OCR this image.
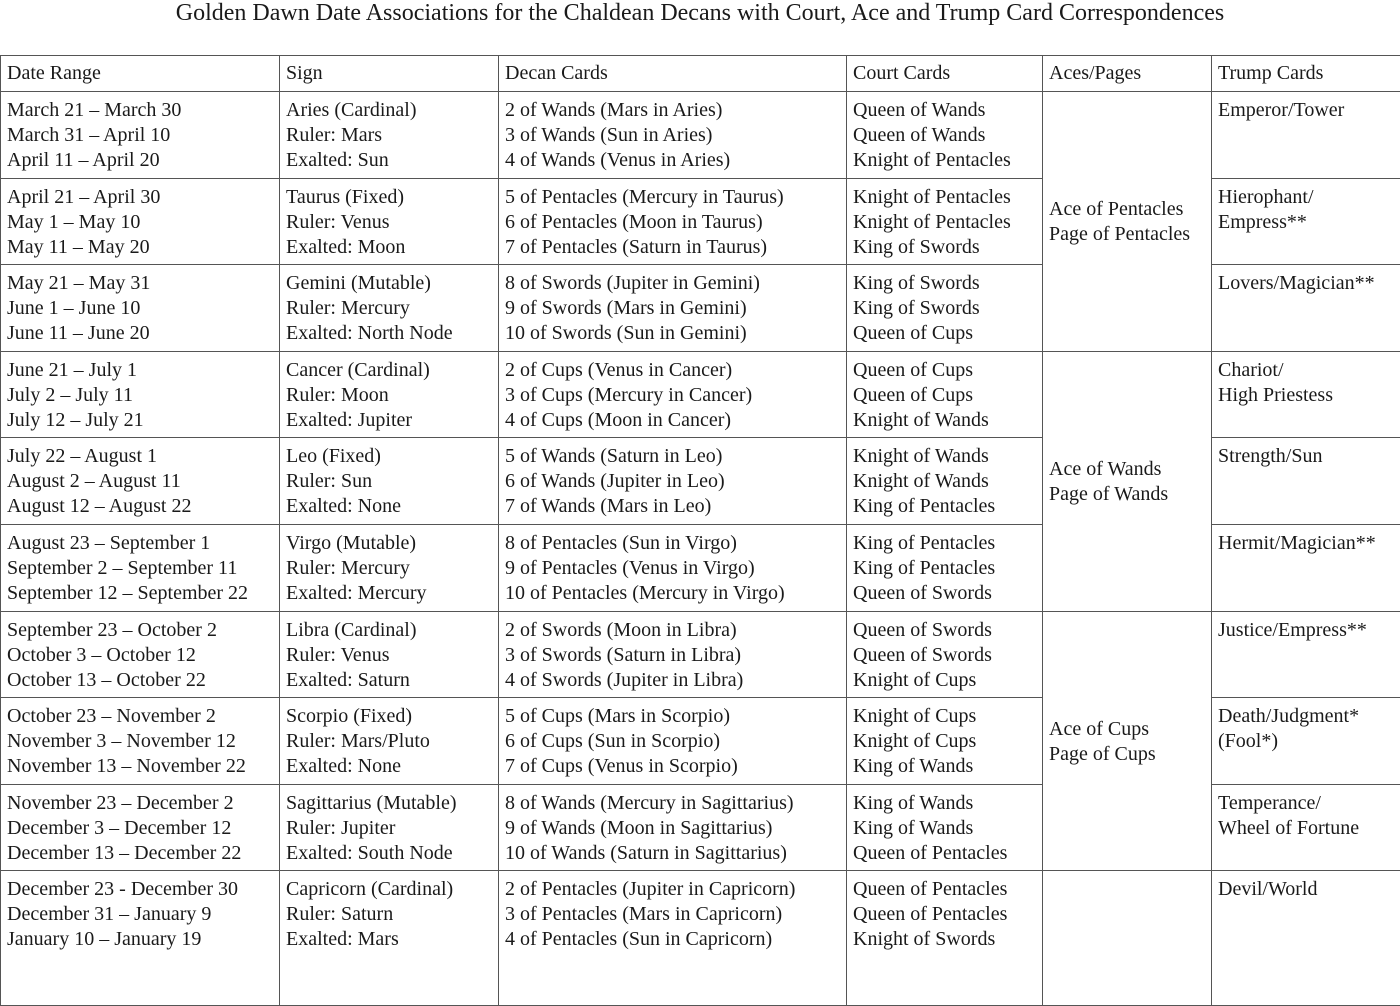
Golden Dawn Date Associations for the Chaldean Decans with Court, Ace and Trump Card Correspondences
Date Range	Sign	Decan Cards	Court Cards	Aces/Pages	Trump Cards

March 21 – March 30
March 31 – April 10
April 11 – April 20	Aries (Cardinal)
Ruler: Mars
Exalted: Sun	2 of Wands (Mars in Aries)
3 of Wands (Sun in Aries)
4 of Wands (Venus in Aries)	Queen of Wands
Queen of Wands
Knight of Pentacles	Ace of Pentacles
Page of Pentacles	Emperor/Tower

April 21 – April 30
May 1 – May 10
May 11 – May 20	Taurus (Fixed)
Ruler: Venus
Exalted: Moon	5 of Pentacles (Mercury in Taurus)
6 of Pentacles (Moon in Taurus)
7 of Pentacles (Saturn in Taurus)	Knight of Pentacles
Knight of Pentacles
King of Swords		Hierophant/
Empress**

May 21 – May 31
June 1 – June 10
June 11 – June 20	Gemini (Mutable)
Ruler: Mercury
Exalted: North Node	8 of Swords (Jupiter in Gemini)
9 of Swords (Mars in Gemini)
10 of Swords (Sun in Gemini)	King of Swords
King of Swords
Queen of Cups		Lovers/Magician**

June 21 – July 1
July 2 – July 11
July 12 – July 21	Cancer (Cardinal)
Ruler: Moon
Exalted: Jupiter	2 of Cups (Venus in Cancer)
3 of Cups (Mercury in Cancer)
4 of Cups (Moon in Cancer)	Queen of Cups
Queen of Cups
Knight of Wands	Ace of Wands
Page of Wands	Chariot/
High Priestess

July 22 – August 1
August 2 – August 11
August 12 – August 22	Leo (Fixed)
Ruler: Sun
Exalted: None	5 of Wands (Saturn in Leo)
6 of Wands (Jupiter in Leo)
7 of Wands (Mars in Leo)	Knight of Wands
Knight of Wands
King of Pentacles		Strength/Sun

August 23 – September 1
September 2 – September 11
September 12 – September 22	Virgo (Mutable)
Ruler: Mercury
Exalted: Mercury	8 of Pentacles (Sun in Virgo)
9 of Pentacles (Venus in Virgo)
10 of Pentacles (Mercury in Virgo)	King of Pentacles
King of Pentacles
Queen of Swords		Hermit/Magician**

September 23 – October 2
October 3 – October 12
October 13 – October 22	Libra (Cardinal)
Ruler: Venus
Exalted: Saturn	2 of Swords (Moon in Libra)
3 of Swords (Saturn in Libra)
4 of Swords (Jupiter in Libra)	Queen of Swords
Queen of Swords
Knight of Cups	Ace of Cups
Page of Cups	Justice/Empress**

October 23 – November 2
November 3 – November 12
November 13 – November 22	Scorpio (Fixed)
Ruler: Mars/Pluto
Exalted: None	5 of Cups (Mars in Scorpio)
6 of Cups (Sun in Scorpio)
7 of Cups (Venus in Scorpio)	Knight of Cups
Knight of Cups
King of Wands		Death/Judgment*
(Fool*)

November 23 – December 2
December 3 – December 12
December 13 – December 22	Sagittarius (Mutable)
Ruler: Jupiter
Exalted: South Node	8 of Wands (Mercury in Sagittarius)
9 of Wands (Moon in Sagittarius)
10 of Wands (Saturn in Sagittarius)	King of Wands
King of Wands
Queen of Pentacles		Temperance/
Wheel of Fortune

December 23 - December 30
December 31 – January 9
January 10 – January 19	Capricorn (Cardinal)
Ruler: Saturn
Exalted: Mars	2 of Pentacles (Jupiter in Capricorn)
3 of Pentacles (Mars in Capricorn)
4 of Pentacles (Sun in Capricorn)	Queen of Pentacles
Queen of Pentacles
Knight of Swords		Devil/World
